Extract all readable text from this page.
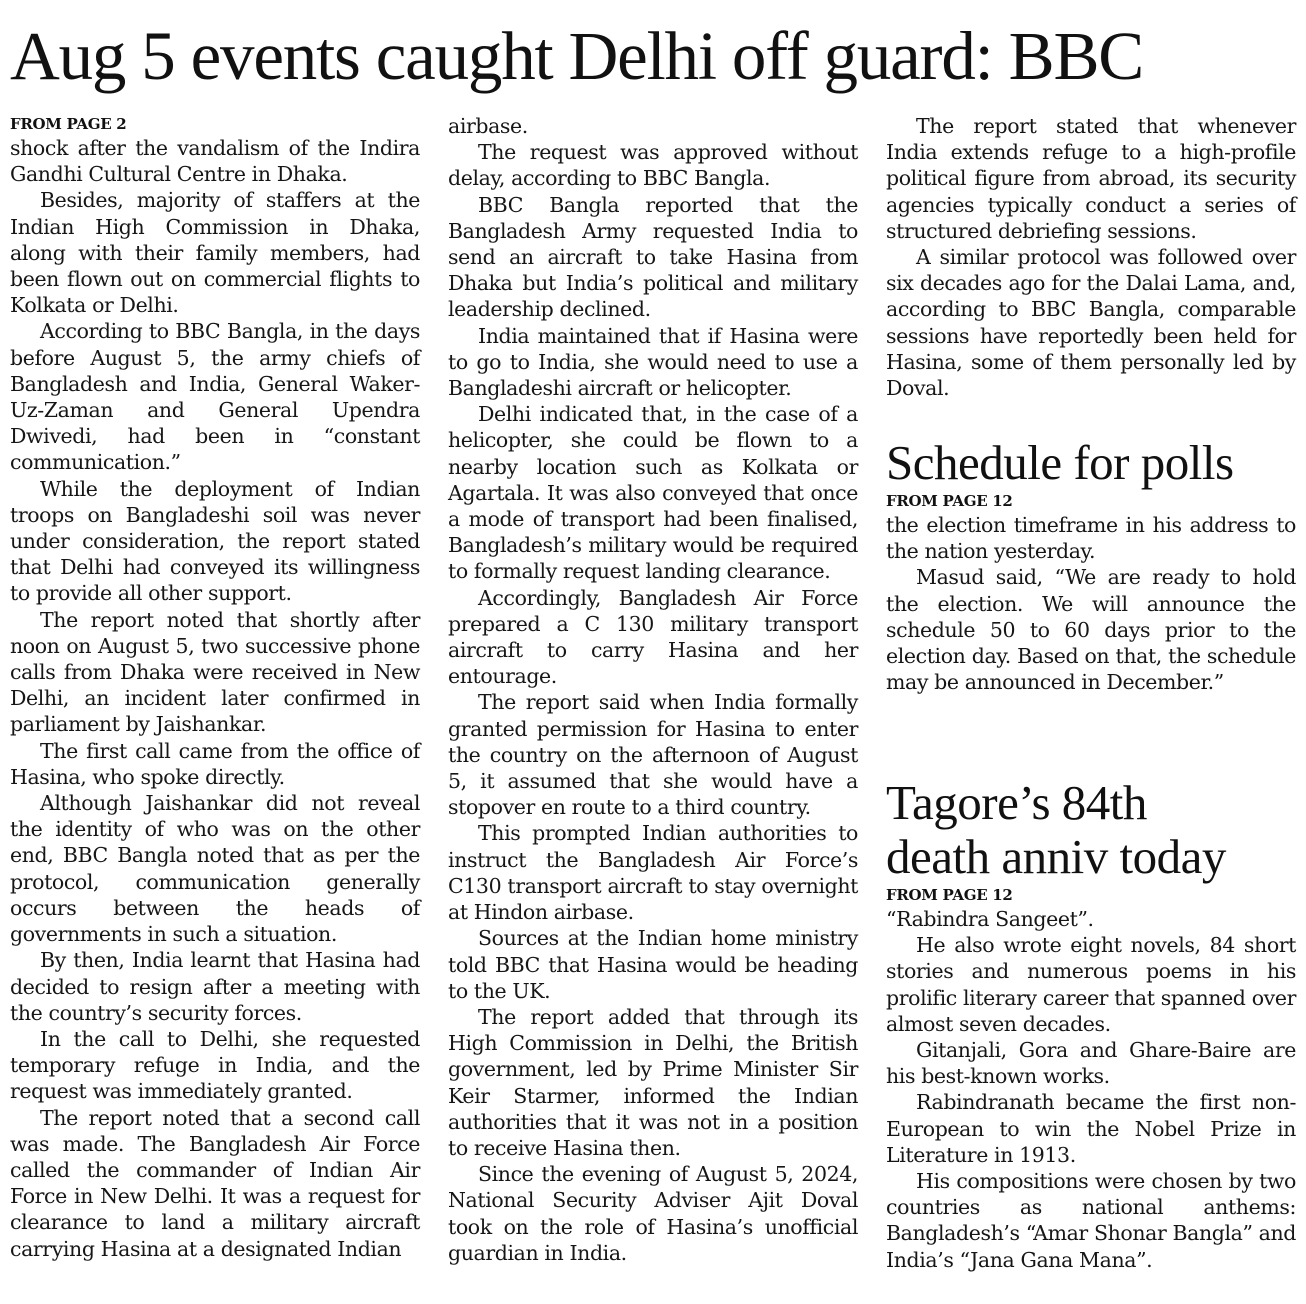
Aug 5 events caught Delhi off guard: BBC
FROM PAGE 2

shock after the vandalism of the Indira Gandhi Cultural Centre in Dhaka.

Besides, majority of staffers at the Indian High Commission in Dhaka, along with their family members, had been flown out on commercial flights to Kolkata or Delhi.

According to BBC Bangla, in the days before August 5, the army chiefs of Bangladesh and India, General Waker-Uz-Zaman and General Upendra Dwivedi, had been in “constant communication.”

While the deployment of Indian troops on Bangladeshi soil was never under consideration, the report stated that Delhi had conveyed its willingness to provide all other support.

The report noted that shortly after noon on August 5, two successive phone calls from Dhaka were received in New Delhi, an incident later confirmed in parliament by Jaishankar.

The first call came from the office of Hasina, who spoke directly.

Although Jaishankar did not reveal the identity of who was on the other end, BBC Bangla noted that as per the protocol, communication generally occurs between the heads of governments in such a situation.

By then, India learnt that Hasina had decided to resign after a meeting with the country’s security forces.

In the call to Delhi, she requested temporary refuge in India, and the request was immediately granted.

The report noted that a second call was made. The Bangladesh Air Force called the commander of Indian Air Force in New Delhi. It was a request for clearance to land a military aircraft carrying Hasina at a designated Indian

airbase.

The request was approved without delay, according to BBC Bangla.

BBC Bangla reported that the Bangladesh Army requested India to send an aircraft to take Hasina from Dhaka but India’s political and military leadership declined.

India maintained that if Hasina were to go to India, she would need to use a Bangladeshi aircraft or helicopter.

Delhi indicated that, in the case of a helicopter, she could be flown to a nearby location such as Kolkata or Agartala. It was also conveyed that once a mode of transport had been finalised, Bangladesh’s military would be required to formally request landing clearance.

Accordingly, Bangladesh Air Force prepared a C 130 military transport aircraft to carry Hasina and her entourage.

The report said when India formally granted permission for Hasina to enter the country on the afternoon of August 5, it assumed that she would have a stopover en route to a third country.

This prompted Indian authorities to instruct the Bangladesh Air Force’s C130 transport aircraft to stay overnight at Hindon airbase.

Sources at the Indian home ministry told BBC that Hasina would be heading to the UK.

The report added that through its High Commission in Delhi, the British government, led by Prime Minister Sir Keir Starmer, informed the Indian authorities that it was not in a position to receive Hasina then.

Since the evening of August 5, 2024, National Security Adviser Ajit Doval took on the role of Hasina’s unofficial guardian in India.

The report stated that whenever India extends refuge to a high-profile political figure from abroad, its security agencies typically conduct a series of structured debriefing sessions.

A similar protocol was followed over six decades ago for the Dalai Lama, and, according to BBC Bangla, comparable sessions have reportedly been held for Hasina, some of them personally led by Doval.

Schedule for polls
FROM PAGE 12

the election timeframe in his address to the nation yesterday.

Masud said, “We are ready to hold the election. We will announce the schedule 50 to 60 days prior to the election day. Based on that, the schedule may be announced in December.”

Tagore’s 84th
death anniv today
FROM PAGE 12

“Rabindra Sangeet”.

He also wrote eight novels, 84 short stories and numerous poems in his prolific literary career that spanned over almost seven decades.

Gitanjali, Gora and Ghare-Baire are his best-known works.

Rabindranath became the first non-European to win the Nobel Prize in Literature in 1913.

His compositions were chosen by two countries as national anthems: Bangladesh’s “Amar Shonar Bangla” and India’s “Jana Gana Mana”.
